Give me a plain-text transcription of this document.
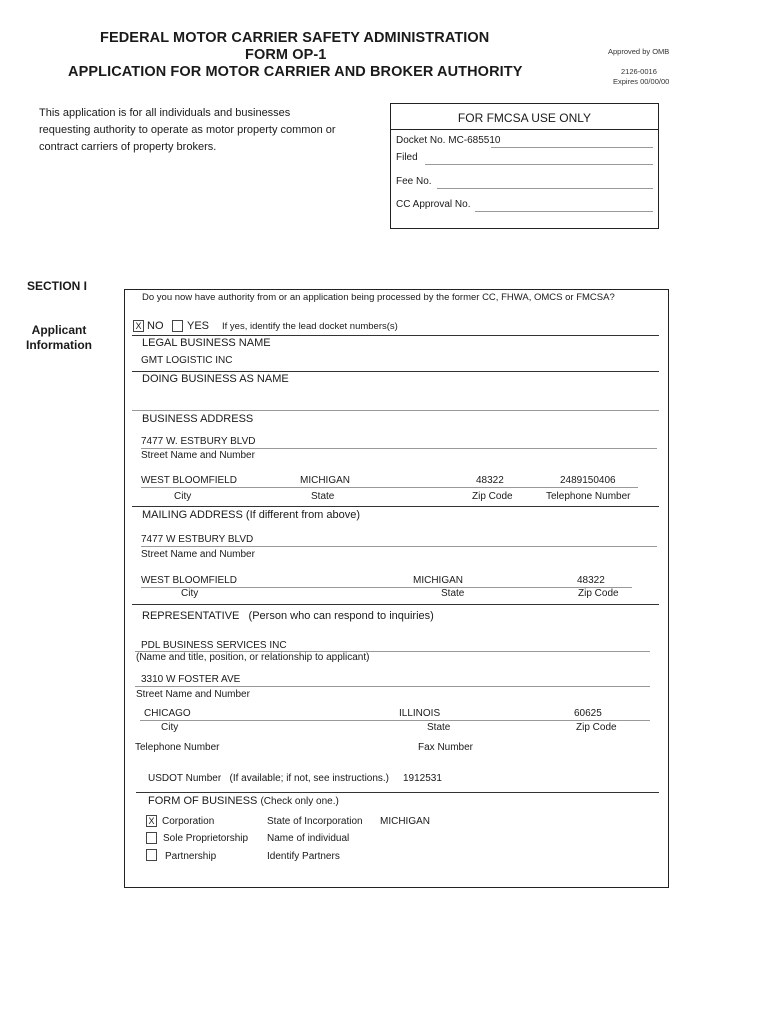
FEDERAL MOTOR CARRIER SAFETY ADMINISTRATION
FORM OP-1
APPLICATION FOR MOTOR CARRIER AND BROKER AUTHORITY
Approved by OMB
2126-0016
Expires 00/00/00
This application is for all individuals and businesses
requesting authority to operate as motor property common or
contract carriers of property brokers.
FOR FMCSA USE ONLY
Docket No. MC-685510
Filed
Fee No.
CC Approval No.
SECTION I
Applicant
Information
Do you now have authority from or an application being processed by the former CC, FHWA, OMCS or FMCSA?
X NO YES If yes, identify the lead docket numbers(s)
LEGAL BUSINESS NAME
GMT LOGISTIC INC
DOING BUSINESS AS NAME
BUSINESS ADDRESS
7477 W. ESTBURY BLVD
Street Name and Number
WEST BLOOMFIELD	MICHIGAN	48322	2489150406
City	State	Zip Code	Telephone Number
MAILING ADDRESS (If different from above)
7477 W ESTBURY BLVD
Street Name and Number
WEST BLOOMFIELD	MICHIGAN	48322
City	State	Zip Code
REPRESENTATIVE   (Person who can respond to inquiries)
PDL BUSINESS SERVICES INC
(Name and title, position, or relationship to applicant)
3310 W FOSTER AVE
Street Name and Number
CHICAGO	ILLINOIS	60625
City	State	Zip Code
Telephone Number	Fax Number
USDOT Number   (If available; if not, see instructions.) 1912531
FORM OF BUSINESS (Check only one.)
X Corporation	State of Incorporation MICHIGAN
Sole Proprietorship Name of individual
Partnership	Identify Partners
